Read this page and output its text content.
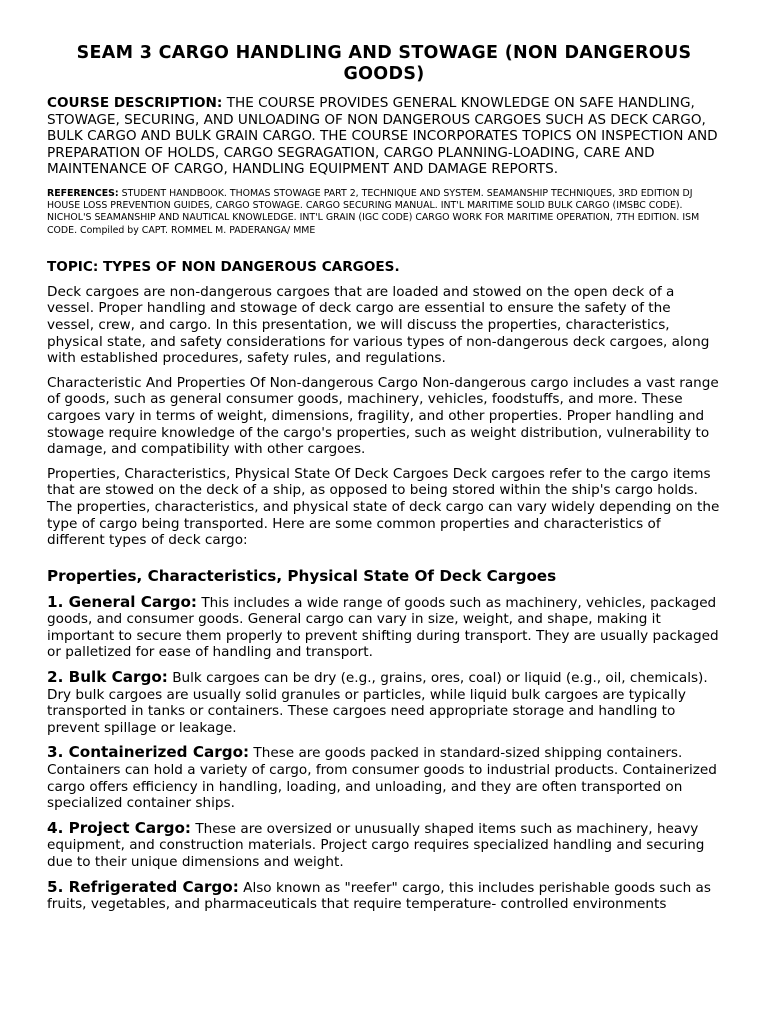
SEAM 3 CARGO HANDLING AND STOWAGE (NON DANGEROUS GOODS)

COURSE DESCRIPTION: THE COURSE PROVIDES GENERAL KNOWLEDGE ON SAFE HANDLING, STOWAGE, SECURING, AND UNLOADING OF NON DANGEROUS CARGOES SUCH AS DECK CARGO, BULK CARGO AND BULK GRAIN CARGO. THE COURSE INCORPORATES TOPICS ON INSPECTION AND PREPARATION OF HOLDS, CARGO SEGRAGATION, CARGO PLANNING-LOADING, CARE AND MAINTENANCE OF CARGO, HANDLING EQUIPMENT AND DAMAGE REPORTS.

REFERENCES: STUDENT HANDBOOK. THOMAS STOWAGE PART 2, TECHNIQUE AND SYSTEM. SEAMANSHIP TECHNIQUES, 3RD EDITION DJ HOUSE LOSS PREVENTION GUIDES, CARGO STOWAGE. CARGO SECURING MANUAL. INT'L MARITIME SOLID BULK CARGO (IMSBC CODE). NICHOL'S SEAMANSHIP AND NAUTICAL KNOWLEDGE. INT'L GRAIN (IGC CODE) CARGO WORK FOR MARITIME OPERATION, 7TH EDITION. ISM CODE. Compiled by CAPT. ROMMEL M. PADERANGA/ MME

TOPIC: TYPES OF NON DANGEROUS CARGOES.

Deck cargoes are non-dangerous cargoes that are loaded and stowed on the open deck of a vessel. Proper handling and stowage of deck cargo are essential to ensure the safety of the vessel, crew, and cargo. In this presentation, we will discuss the properties, characteristics, physical state, and safety considerations for various types of non-dangerous deck cargoes, along with established procedures, safety rules, and regulations.

Characteristic And Properties Of Non-dangerous Cargo Non-dangerous cargo includes a vast range of goods, such as general consumer goods, machinery, vehicles, foodstuffs, and more. These cargoes vary in terms of weight, dimensions, fragility, and other properties. Proper handling and stowage require knowledge of the cargo's properties, such as weight distribution, vulnerability to damage, and compatibility with other cargoes.

Properties, Characteristics, Physical State Of Deck Cargoes Deck cargoes refer to the cargo items that are stowed on the deck of a ship, as opposed to being stored within the ship's cargo holds. The properties, characteristics, and physical state of deck cargo can vary widely depending on the type of cargo being transported. Here are some common properties and characteristics of different types of deck cargo:

Properties, Characteristics, Physical State Of Deck Cargoes

1. General Cargo: This includes a wide range of goods such as machinery, vehicles, packaged goods, and consumer goods. General cargo can vary in size, weight, and shape, making it important to secure them properly to prevent shifting during transport. They are usually packaged or palletized for ease of handling and transport.

2. Bulk Cargo: Bulk cargoes can be dry (e.g., grains, ores, coal) or liquid (e.g., oil, chemicals). Dry bulk cargoes are usually solid granules or particles, while liquid bulk cargoes are typically transported in tanks or containers. These cargoes need appropriate storage and handling to prevent spillage or leakage.

3. Containerized Cargo: These are goods packed in standard-sized shipping containers. Containers can hold a variety of cargo, from consumer goods to industrial products. Containerized cargo offers efficiency in handling, loading, and unloading, and they are often transported on specialized container ships.

4. Project Cargo: These are oversized or unusually shaped items such as machinery, heavy equipment, and construction materials. Project cargo requires specialized handling and securing due to their unique dimensions and weight.

5. Refrigerated Cargo: Also known as "reefer" cargo, this includes perishable goods such as fruits, vegetables, and pharmaceuticals that require temperature- controlled environments
